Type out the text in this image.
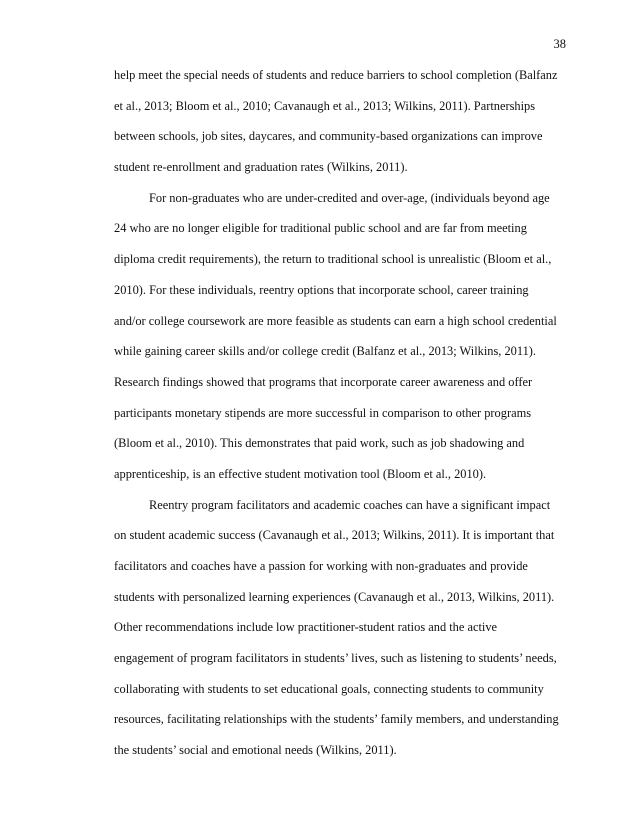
38
help meet the special needs of students and reduce barriers to school completion (Balfanz
et al., 2013; Bloom et al., 2010; Cavanaugh et al., 2013; Wilkins, 2011). Partnerships
between schools, job sites, daycares, and community-based organizations can improve
student re-enrollment and graduation rates (Wilkins, 2011).
For non-graduates who are under-credited and over-age, (individuals beyond age
24 who are no longer eligible for traditional public school and are far from meeting
diploma credit requirements), the return to traditional school is unrealistic (Bloom et al.,
2010). For these individuals, reentry options that incorporate school, career training
and/or college coursework are more feasible as students can earn a high school credential
while gaining career skills and/or college credit (Balfanz et al., 2013; Wilkins, 2011).
Research findings showed that programs that incorporate career awareness and offer
participants monetary stipends are more successful in comparison to other programs
(Bloom et al., 2010). This demonstrates that paid work, such as job shadowing and
apprenticeship, is an effective student motivation tool (Bloom et al., 2010).
Reentry program facilitators and academic coaches can have a significant impact
on student academic success (Cavanaugh et al., 2013; Wilkins, 2011). It is important that
facilitators and coaches have a passion for working with non-graduates and provide
students with personalized learning experiences (Cavanaugh et al., 2013, Wilkins, 2011).
Other recommendations include low practitioner-student ratios and the active
engagement of program facilitators in students’ lives, such as listening to students’ needs,
collaborating with students to set educational goals, connecting students to community
resources, facilitating relationships with the students’ family members, and understanding
the students’ social and emotional needs (Wilkins, 2011).
